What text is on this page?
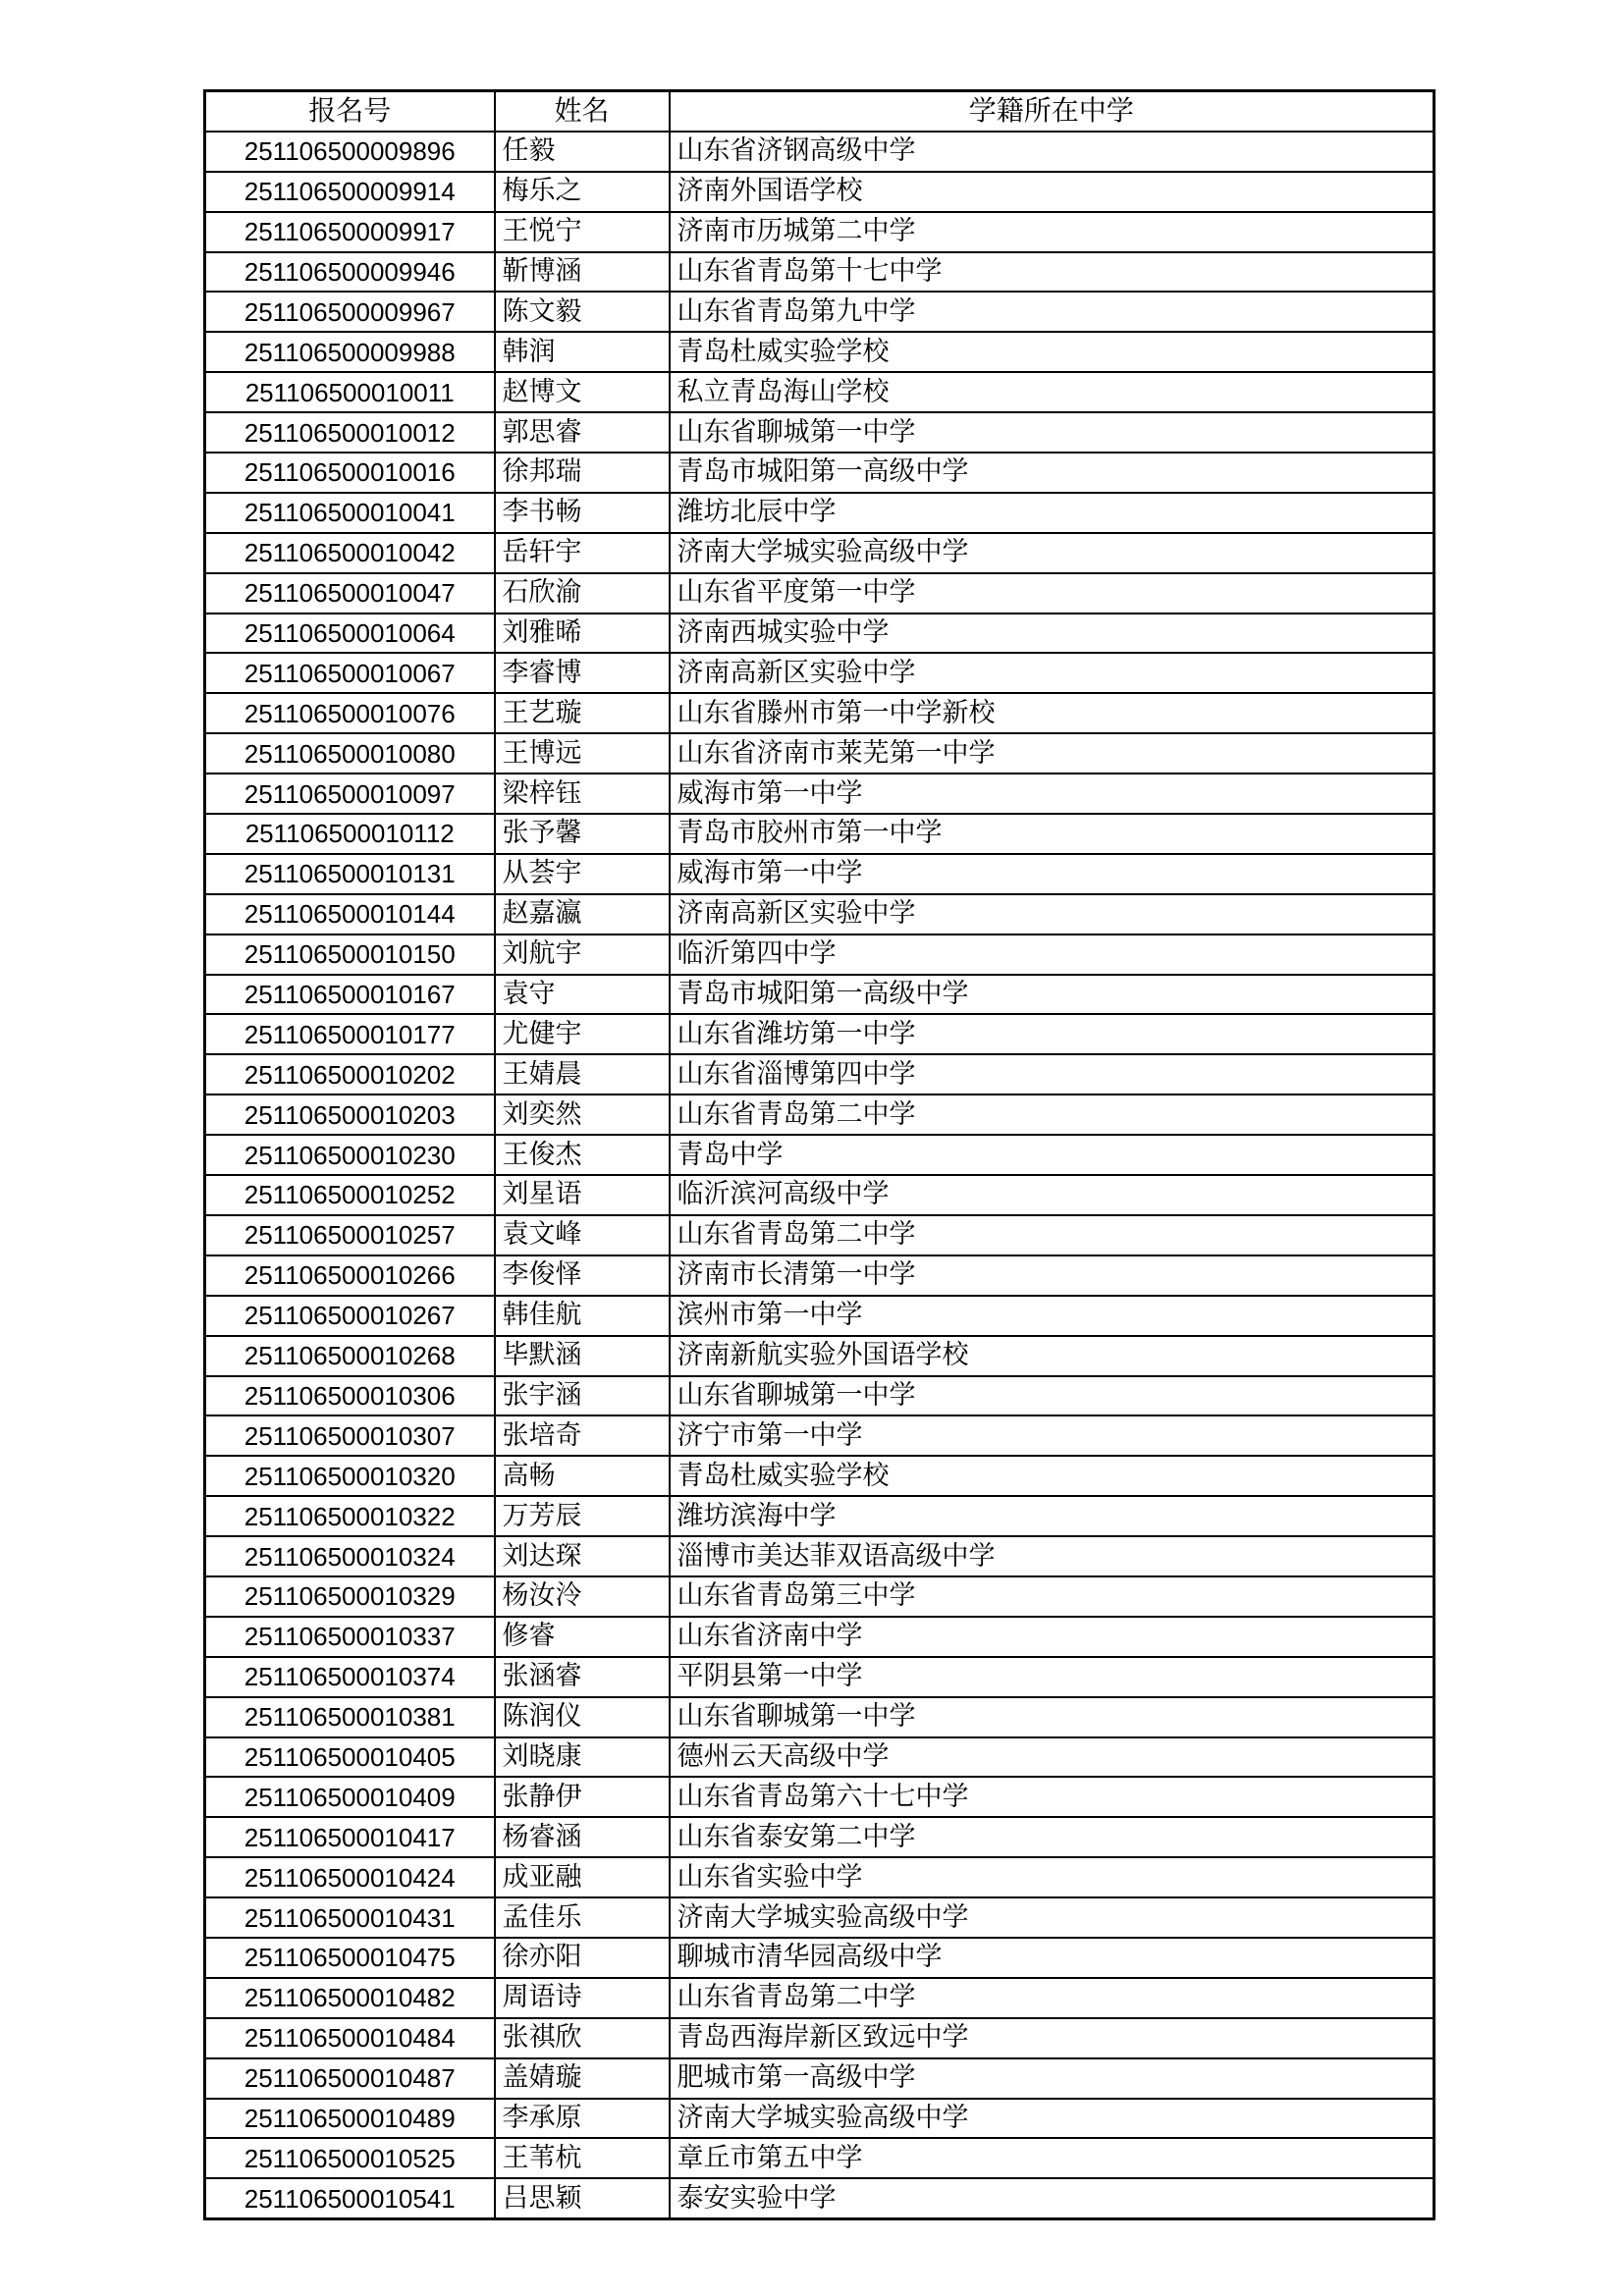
报名号	姓名	学籍所在中学
251106500009896	任毅	山东省济钢高级中学
251106500009914	梅乐之	济南外国语学校
251106500009917	王悦宁	济南市历城第二中学
251106500009946	靳博涵	山东省青岛第十七中学
251106500009967	陈文毅	山东省青岛第九中学
251106500009988	韩润	青岛杜威实验学校
251106500010011	赵博文	私立青岛海山学校
251106500010012	郭思睿	山东省聊城第一中学
251106500010016	徐邦瑞	青岛市城阳第一高级中学
251106500010041	李书畅	潍坊北辰中学
251106500010042	岳轩宇	济南大学城实验高级中学
251106500010047	石欣渝	山东省平度第一中学
251106500010064	刘雅晞	济南西城实验中学
251106500010067	李睿博	济南高新区实验中学
251106500010076	王艺璇	山东省滕州市第一中学新校
251106500010080	王博远	山东省济南市莱芜第一中学
251106500010097	梁梓钰	威海市第一中学
251106500010112	张予馨	青岛市胶州市第一中学
251106500010131	从荟宇	威海市第一中学
251106500010144	赵嘉瀛	济南高新区实验中学
251106500010150	刘航宇	临沂第四中学
251106500010167	袁守	青岛市城阳第一高级中学
251106500010177	尤健宇	山东省潍坊第一中学
251106500010202	王婧晨	山东省淄博第四中学
251106500010203	刘奕然	山东省青岛第二中学
251106500010230	王俊杰	青岛中学
251106500010252	刘星语	临沂滨河高级中学
251106500010257	袁文峰	山东省青岛第二中学
251106500010266	李俊怿	济南市长清第一中学
251106500010267	韩佳航	滨州市第一中学
251106500010268	毕默涵	济南新航实验外国语学校
251106500010306	张宇涵	山东省聊城第一中学
251106500010307	张培奇	济宁市第一中学
251106500010320	高畅	青岛杜威实验学校
251106500010322	万芳辰	潍坊滨海中学
251106500010324	刘达琛	淄博市美达菲双语高级中学
251106500010329	杨汝泠	山东省青岛第三中学
251106500010337	修睿	山东省济南中学
251106500010374	张涵睿	平阴县第一中学
251106500010381	陈润仪	山东省聊城第一中学
251106500010405	刘晓康	德州云天高级中学
251106500010409	张静伊	山东省青岛第六十七中学
251106500010417	杨睿涵	山东省泰安第二中学
251106500010424	成亚融	山东省实验中学
251106500010431	孟佳乐	济南大学城实验高级中学
251106500010475	徐亦阳	聊城市清华园高级中学
251106500010482	周语诗	山东省青岛第二中学
251106500010484	张祺欣	青岛西海岸新区致远中学
251106500010487	盖婧璇	肥城市第一高级中学
251106500010489	李承原	济南大学城实验高级中学
251106500010525	王苇杭	章丘市第五中学
251106500010541	吕思颖	泰安实验中学
